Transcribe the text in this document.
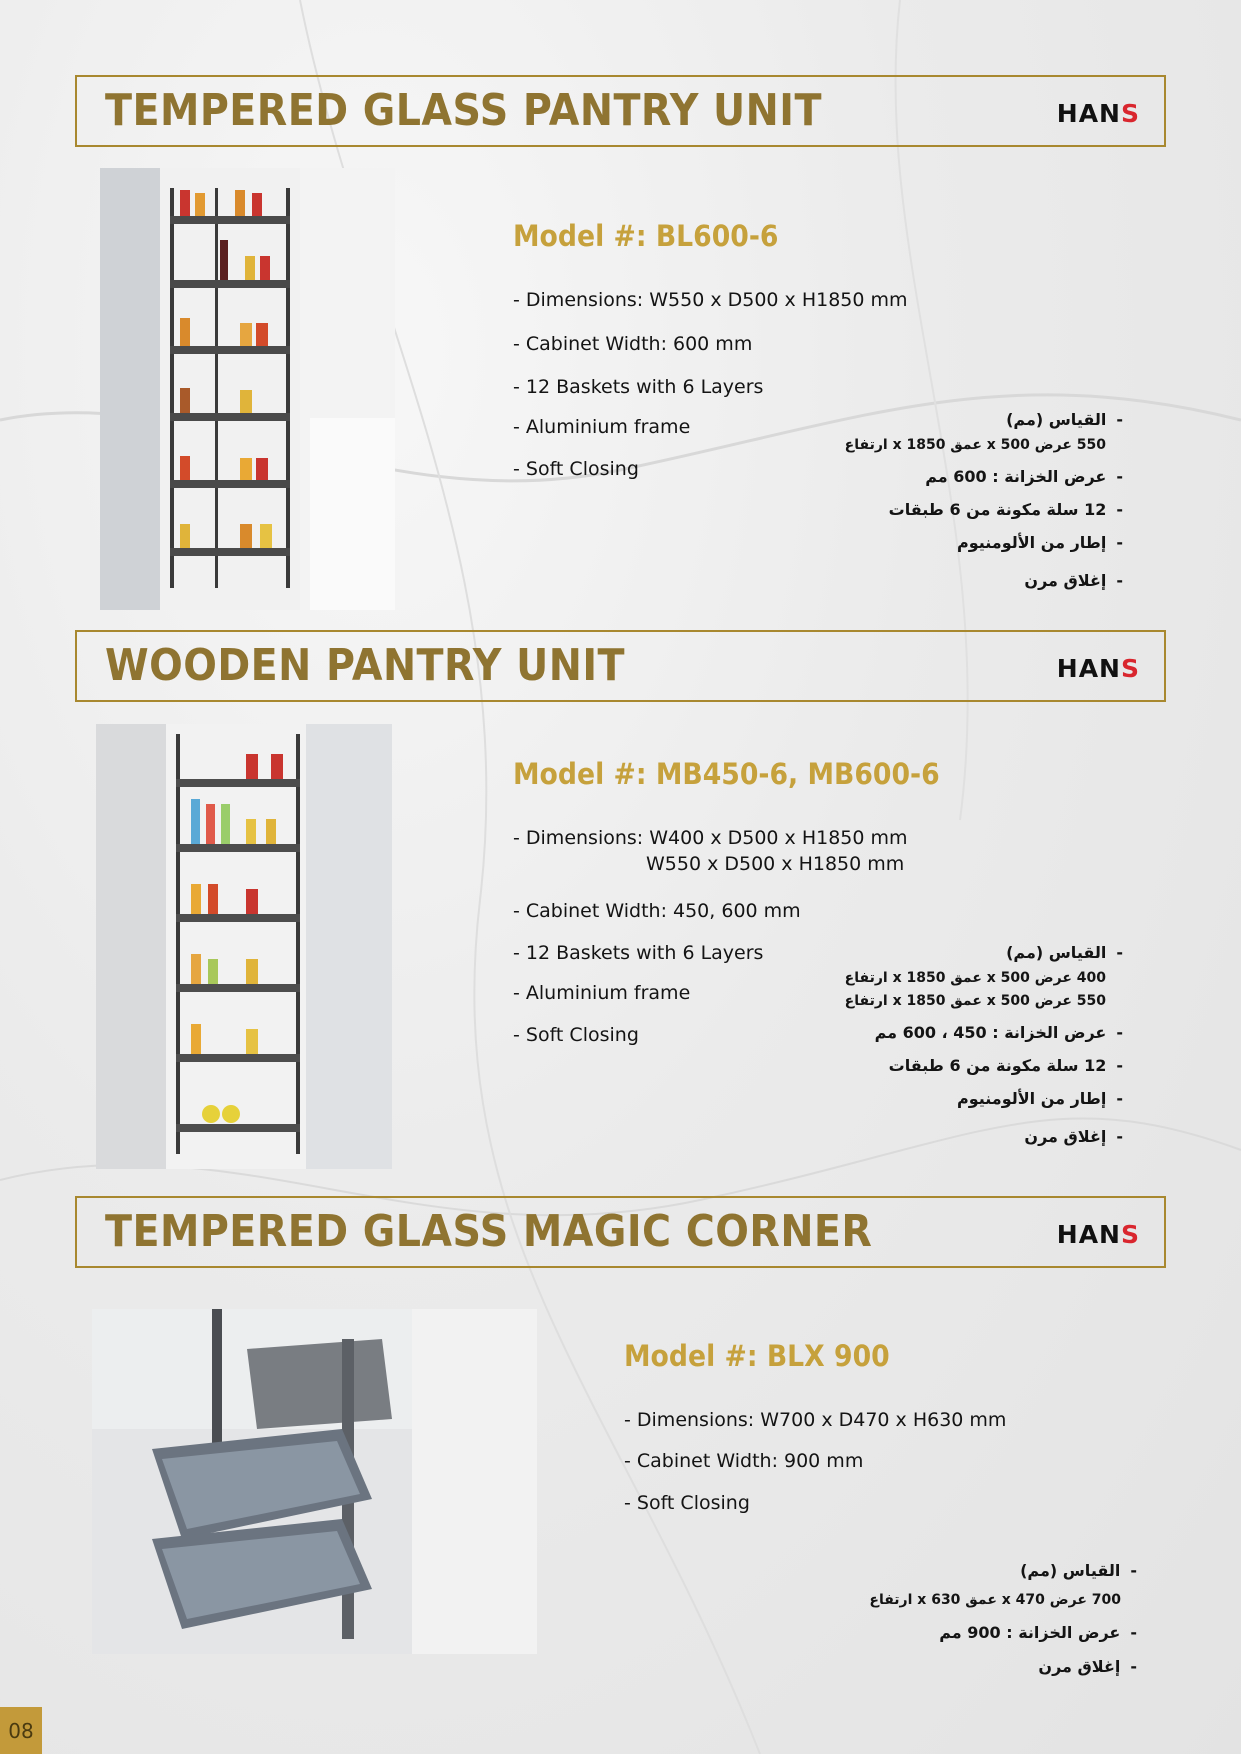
TEMPERED GLASS PANTRY UNIT	HANS
Model #: BL600-6
- Dimensions: W550 x D500 x H1850 mm
- Cabinet Width: 600 mm
- 12 Baskets with 6 Layers
- Aluminium frame
- Soft Closing
-القياس (مم)
550 عرض x 500 عمق x 1850 ارتفاع
-عرض الخزانة : 600 مم
-12 سلة مكونة من 6 طبقات
-إطار من الألومنيوم
-إغلاق مرن
WOODEN PANTRY UNIT	HANS
Model #: MB450-6, MB600-6
- Dimensions: W400 x D500 x H1850 mm
W550 x D500 x H1850 mm
- Cabinet Width: 450, 600 mm
- 12 Baskets with 6 Layers
- Aluminium frame
- Soft Closing
-القياس (مم)
400 عرض x 500 عمق x 1850 ارتفاع
550 عرض x 500 عمق x 1850 ارتفاع
-عرض الخزانة : 450 ، 600 مم
-12 سلة مكونة من 6 طبقات
-إطار من الألومنيوم
-إغلاق مرن
TEMPERED GLASS MAGIC CORNER	HANS
Model #: BLX 900
- Dimensions: W700 x D470 x H630 mm
- Cabinet Width: 900 mm
- Soft Closing
-القياس (مم)
700 عرض x 470 عمق x 630 ارتفاع
-عرض الخزانة : 900 مم
-إغلاق مرن
08
